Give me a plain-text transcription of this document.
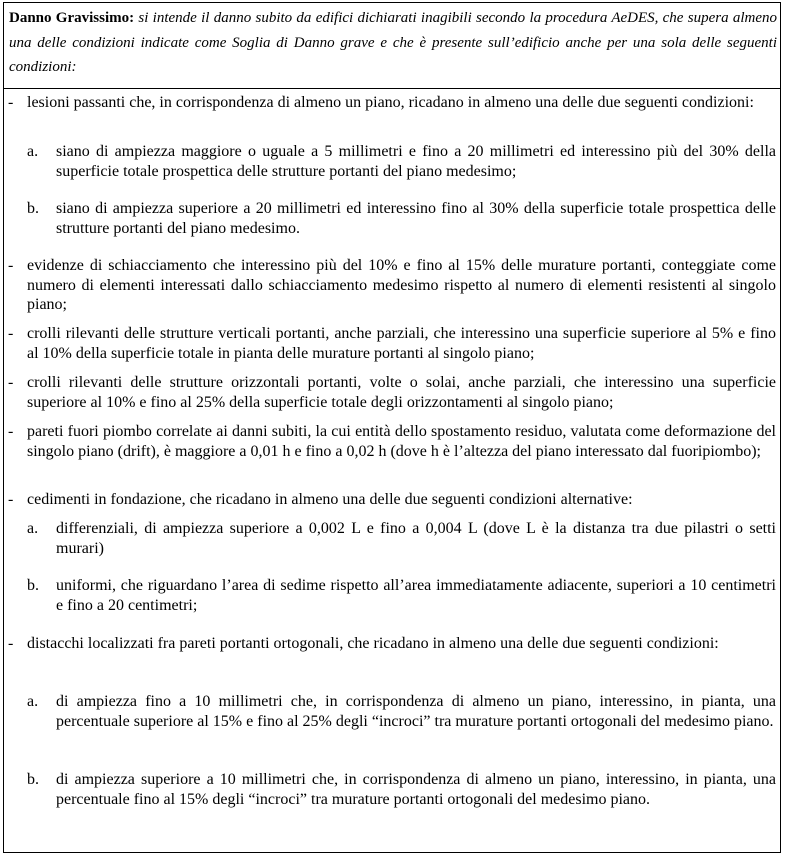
Danno Gravissimo: si intende il danno subito da edifici dichiarati inagibili secondo la procedura AeDES, che supera almeno una delle condizioni indicate come Soglia di Danno grave e che è presente sull’edificio anche per una sola delle seguenti condizioni:
- lesioni passanti che, in corrispondenza di almeno un piano, ricadano in almeno una delle due seguenti condizioni:
a. siano di ampiezza maggiore o uguale a 5 millimetri e fino a 20 millimetri ed interessino più del 30% della superficie totale prospettica delle strutture portanti del piano medesimo;
b. siano di ampiezza superiore a 20 millimetri ed interessino fino al 30% della superficie totale prospettica delle strutture portanti del piano medesimo.
- evidenze di schiacciamento che interessino più del 10% e fino al 15% delle murature portanti, conteggiate come numero di elementi interessati dallo schiacciamento medesimo rispetto al numero di elementi resistenti al singolo piano;
- crolli rilevanti delle strutture verticali portanti, anche parziali, che interessino una superficie superiore al 5% e fino al 10% della superficie totale in pianta delle murature portanti al singolo piano;
- crolli rilevanti delle strutture orizzontali portanti, volte o solai, anche parziali, che interessino una superficie superiore al 10% e fino al 25% della superficie totale degli orizzontamenti al singolo piano;
- pareti fuori piombo correlate ai danni subiti, la cui entità dello spostamento residuo, valutata come deformazione del singolo piano (drift), è maggiore a 0,01 h e fino a 0,02 h (dove h è l’altezza del piano interessato dal fuoripiombo);
- cedimenti in fondazione, che ricadano in almeno una delle due seguenti condizioni alternative:
a. differenziali, di ampiezza superiore a 0,002 L e fino a 0,004 L (dove L è la distanza tra due pilastri o setti murari)
b. uniformi, che riguardano l’area di sedime rispetto all’area immediatamente adiacente, superiori a 10 centimetri e fino a 20 centimetri;
- distacchi localizzati fra pareti portanti ortogonali, che ricadano in almeno una delle due seguenti condizioni:
a. di ampiezza fino a 10 millimetri che, in corrispondenza di almeno un piano, interessino, in pianta, una percentuale superiore al 15% e fino al 25% degli “incroci” tra murature portanti ortogonali del medesimo piano.
b. di ampiezza superiore a 10 millimetri che, in corrispondenza di almeno un piano, interessino, in pianta, una percentuale fino al 15% degli “incroci” tra murature portanti ortogonali del medesimo piano.
